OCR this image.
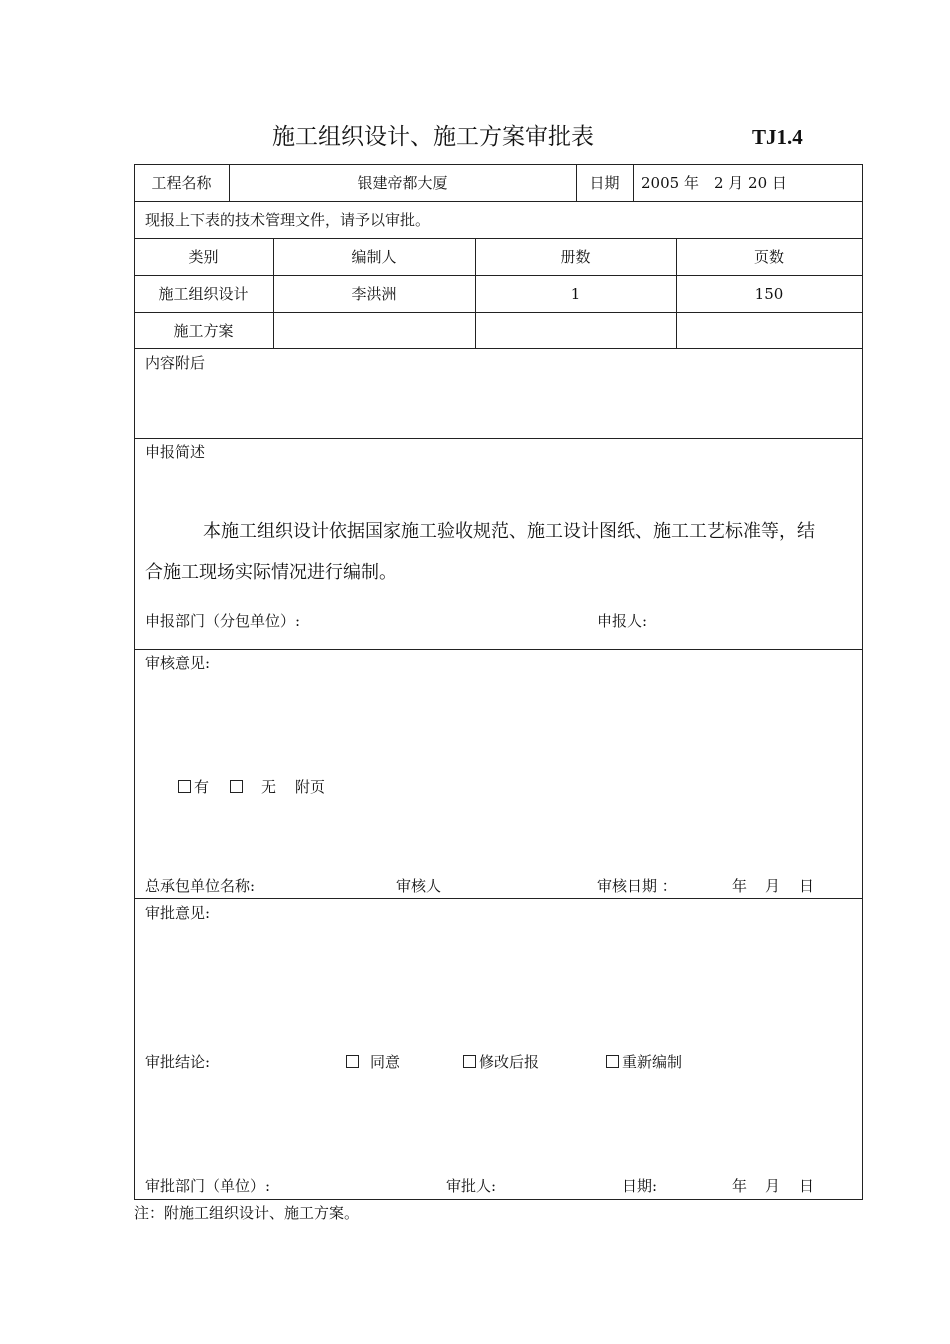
施工组织设计、施工方案审批表	TJ1.4
工程名称	银建帝都大厦	日期	2005 年　2 月 20 日
现报上下表的技术管理文件，请予以审批。
类别	编制人	册数	页数
施工组织设计	李洪洲	1	150
施工方案
内容附后
申报简述
本施工组织设计依据国家施工验收规范、施工设计图纸、施工工艺标准等，结
合施工现场实际情况进行编制。
申报部门（分包单位）:	申报人:
审核意见:
有	无 附页
总承包单位名称:	审核人	审核日期 ：	年 月 日
审批意见:
审批结论:	同意	修改后报	重新编制
审批部门（单位）:	审批人:	日期:	年 月 日
注：附施工组织设计、施工方案。
